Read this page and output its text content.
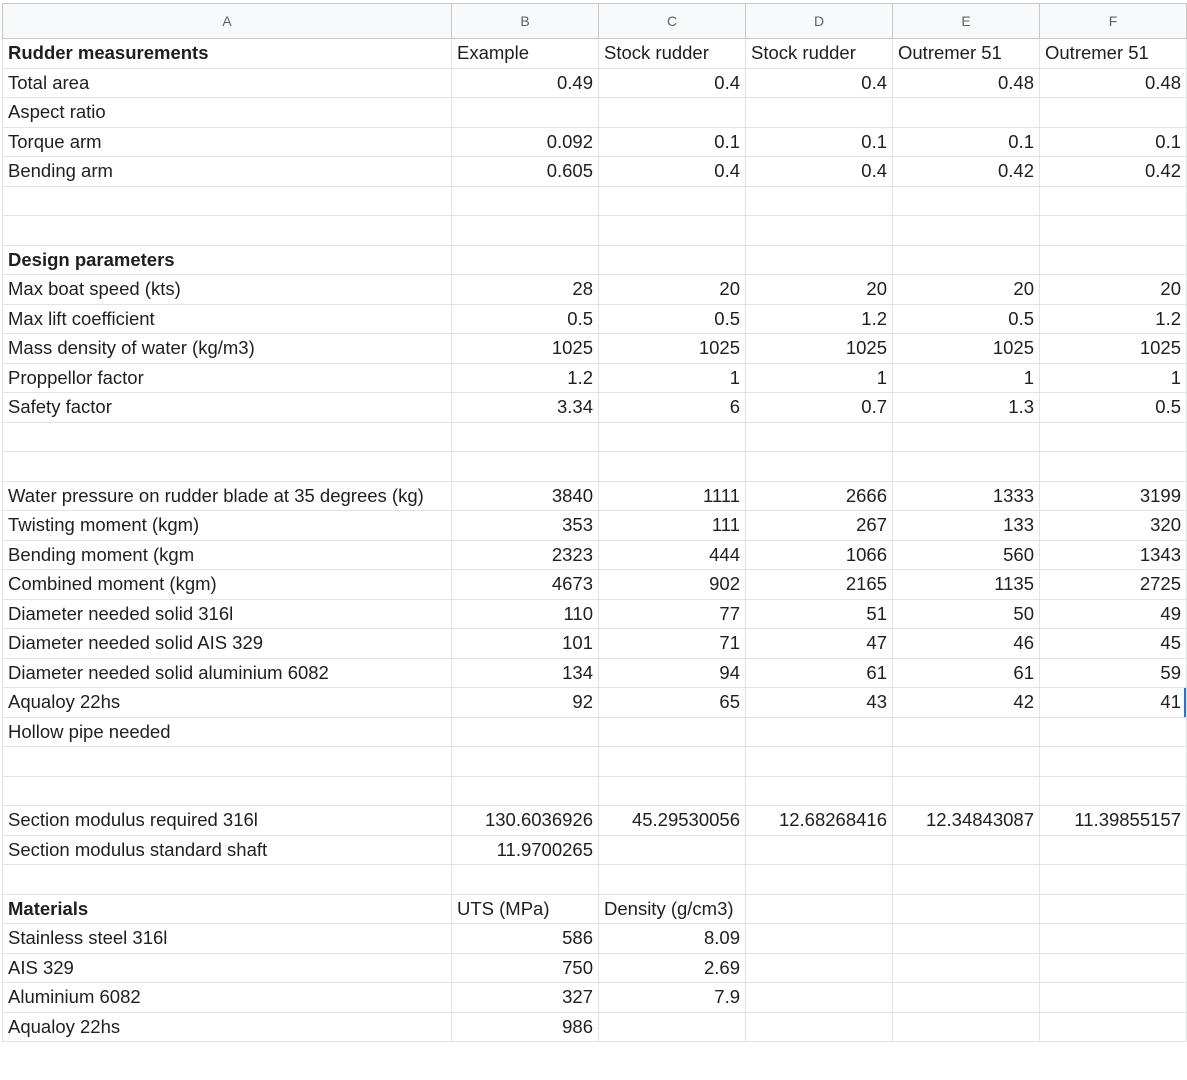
A	B	C	D	E	F
Rudder measurements	Example	Stock rudder	Stock rudder	Outremer 51	Outremer 51
Total area	0.49	0.4	0.4	0.48	0.48
Aspect ratio					
Torque arm	0.092	0.1	0.1	0.1	0.1
Bending arm	0.605	0.4	0.4	0.42	0.42

Design parameters					
Max boat speed (kts)	28	20	20	20	20
Max lift coefficient	0.5	0.5	1.2	0.5	1.2
Mass density of water (kg/m3)	1025	1025	1025	1025	1025
Proppellor factor	1.2	1	1	1	1
Safety factor	3.34	6	0.7	1.3	0.5

Water pressure on rudder blade at 35 degrees (kg)	3840	1111	2666	1333	3199
Twisting moment (kgm)	353	111	267	133	320
Bending moment (kgm	2323	444	1066	560	1343
Combined moment (kgm)	4673	902	2165	1135	2725
Diameter needed solid 316l	110	77	51	50	49
Diameter needed solid AIS 329	101	71	47	46	45
Diameter needed solid aluminium 6082	134	94	61	61	59
Aqualoy 22hs	92	65	43	42	41
Hollow pipe needed					

Section modulus required 316l	130.6036926	45.29530056	12.68268416	12.34843087	11.39855157
Section modulus standard shaft	11.9700265				

Materials	UTS (MPa)	Density (g/cm3)			
Stainless steel 316l	586	8.09			
AIS 329	750	2.69			
Aluminium 6082	327	7.9			
Aqualoy 22hs	986				
